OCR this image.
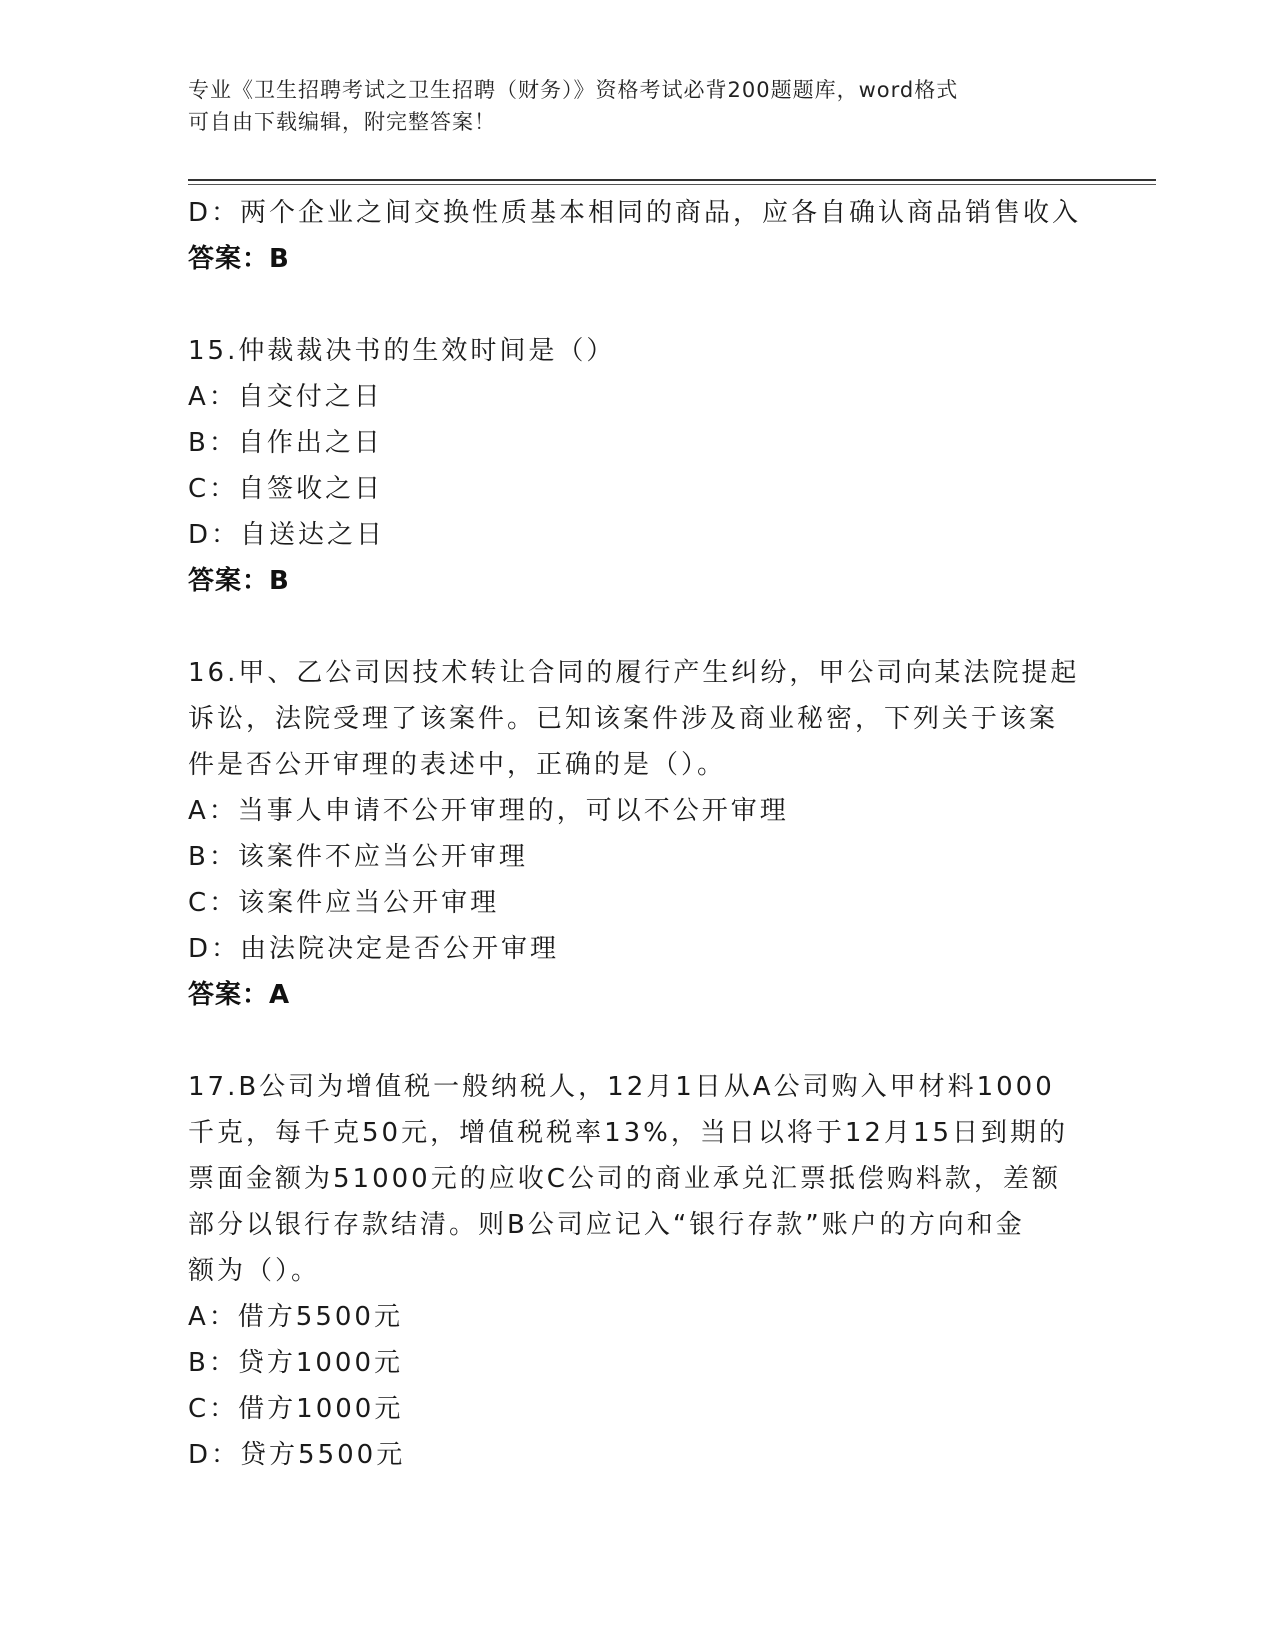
专业《卫生招聘考试之卫生招聘（财务）》资格考试必背200题题库，word格式
可自由下载编辑，附完整答案！
D：两个企业之间交换性质基本相同的商品，应各自确认商品销售收入
答案：B
15.仲裁裁决书的生效时间是（）
A：自交付之日
B：自作出之日
C：自签收之日
D：自送达之日
答案：B
16.甲、乙公司因技术转让合同的履行产生纠纷，甲公司向某法院提起
诉讼，法院受理了该案件。已知该案件涉及商业秘密，下列关于该案
件是否公开审理的表述中，正确的是（）。
A：当事人申请不公开审理的，可以不公开审理
B：该案件不应当公开审理
C：该案件应当公开审理
D：由法院决定是否公开审理
答案：A
17.B公司为增值税一般纳税人，12月1日从A公司购入甲材料1000
千克，每千克50元，增值税税率13%，当日以将于12月15日到期的
票面金额为51000元的应收C公司的商业承兑汇票抵偿购料款，差额
部分以银行存款结清。则B公司应记入“银行存款”账户的方向和金
额为（）。
A：借方5500元
B：贷方1000元
C：借方1000元
D：贷方5500元
